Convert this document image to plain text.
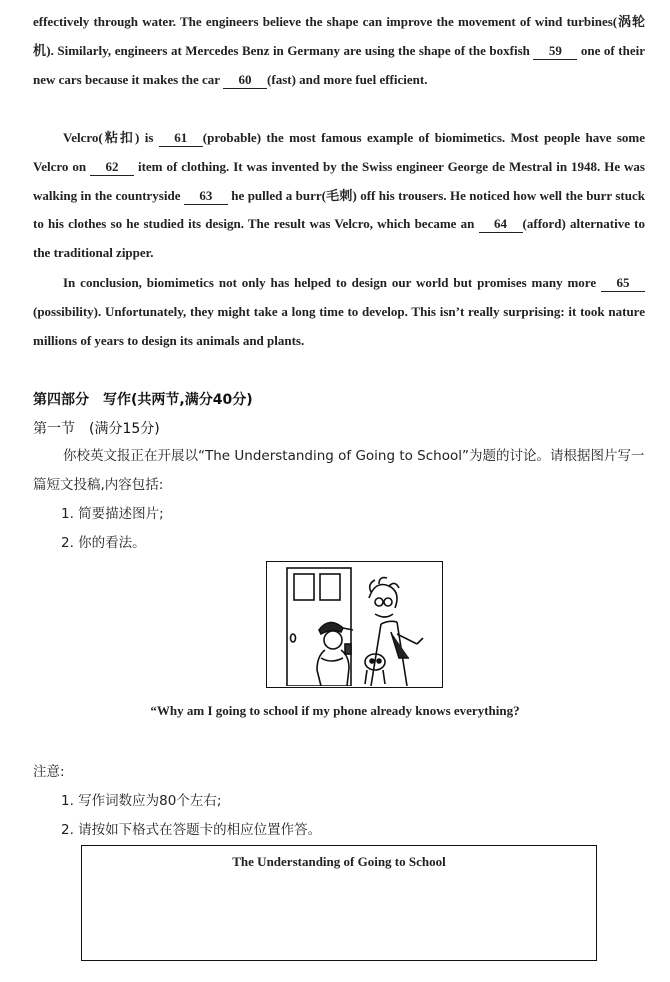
effectively through water. The engineers believe the shape can improve the movement of wind turbines(涡轮机). Similarly, engineers at Mercedes Benz in Germany are using the shape of the boxfish 59 one of their new cars because it makes the car 60 (fast) and more fuel efficient.

Velcro(粘扣) is 61 (probable) the most famous example of biomimetics. Most people have some Velcro on 62 item of clothing. It was invented by the Swiss engineer George de Mestral in 1948. He was walking in the countryside 63 he pulled a burr(毛刺) off his trousers. He noticed how well the burr stuck to his clothes so he studied its design. The result was Velcro, which became an 64 (afford) alternative to the traditional zipper.

In conclusion, biomimetics not only has helped to design our world but promises many more 65(possibility). Unfortunately, they might take a long time to develop. This isn’t really surprising: it took nature millions of years to design its animals and plants.

第四部分　写作(共两节,满分40分)
第一节　(满分15分)

你校英文报正在开展以“The Understanding of Going to School”为题的讨论。请根据图片写一篇短文投稿,内容包括:

1. 简要描述图片;

2. 你的看法。

“Why am I going to school if my phone already knows everything?

注意:

1. 写作词数应为80个左右;

2. 请按如下格式在答题卡的相应位置作答。

The Understanding of Going to School
